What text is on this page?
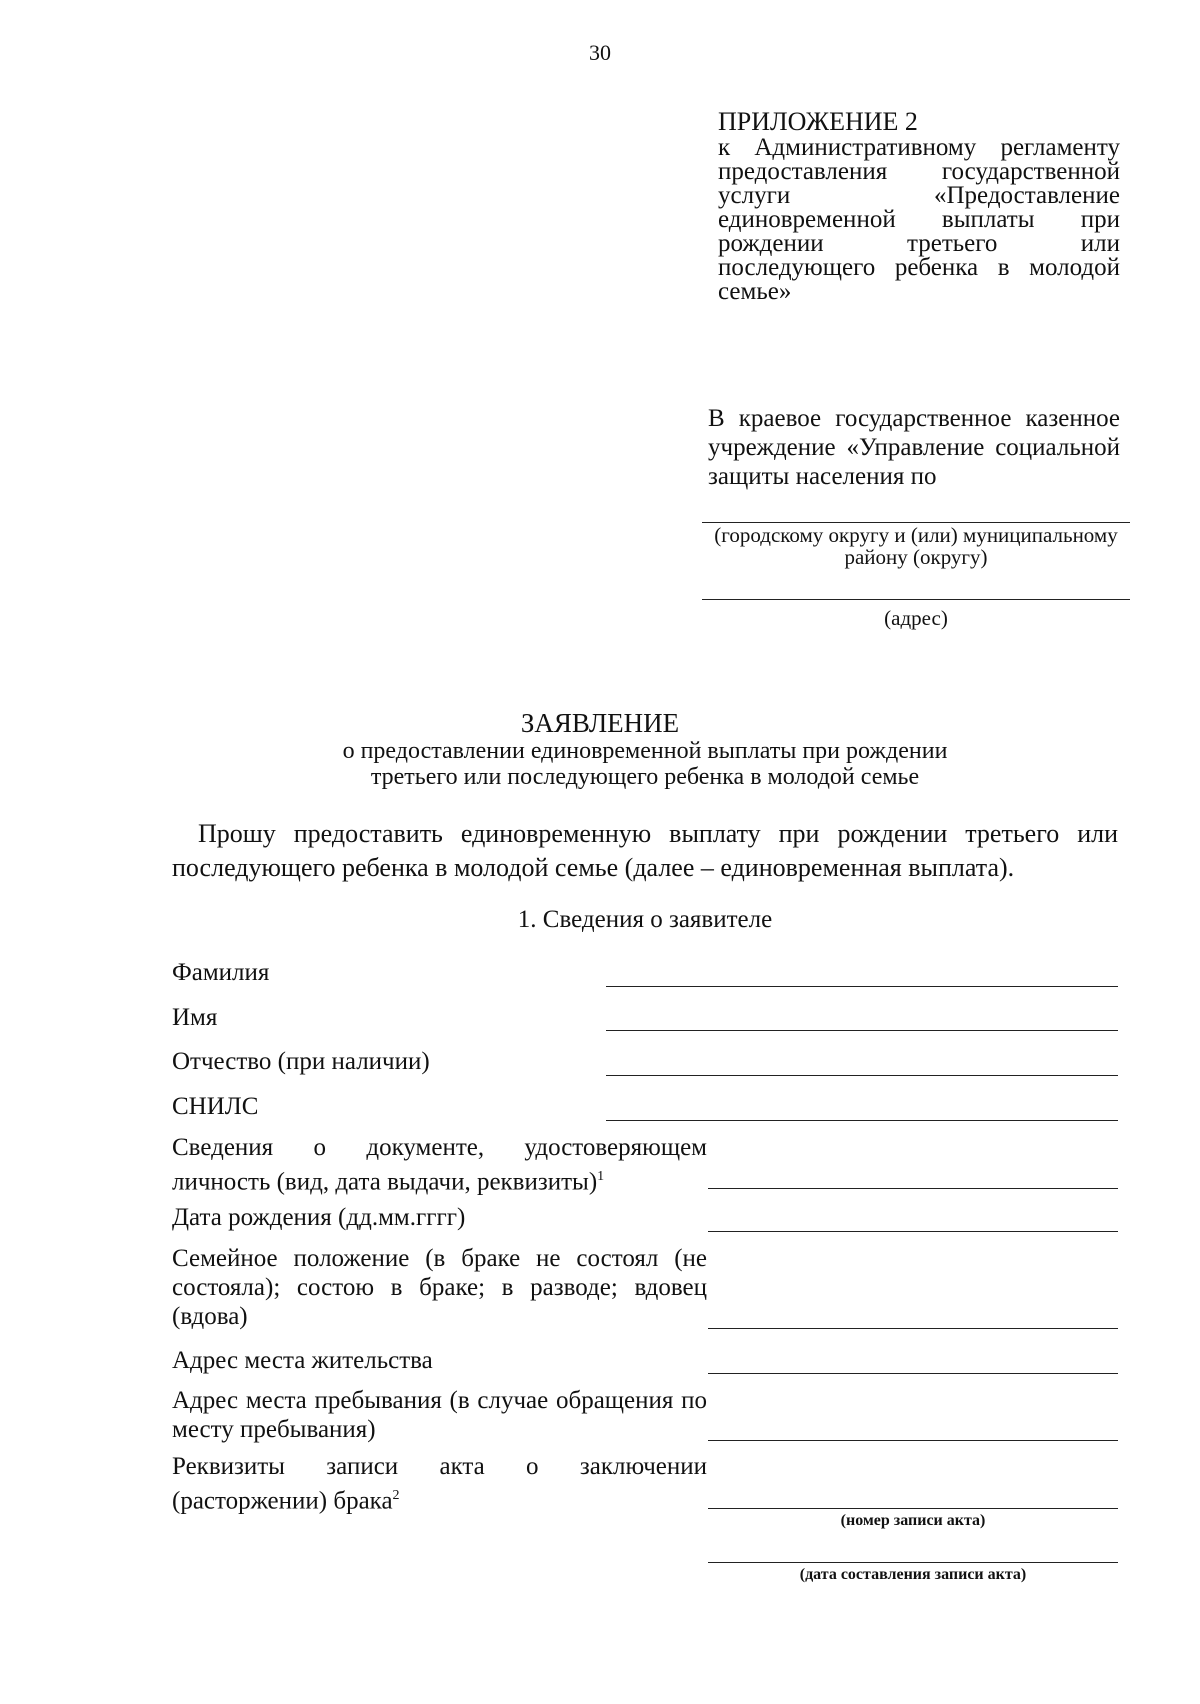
30
ПРИЛОЖЕНИЕ 2
к Административному регламенту предоставления государственной услуги «Предоставление единовременной выплаты при рождении третьего или последующего ребенка в молодой семье»
В краевое государственное казенное учреждение «Управление социальной защиты населения по
(городскому округу и (или) муниципальному району (округу)
(адрес)
ЗАЯВЛЕНИЕ
о предоставлении единовременной выплаты при рождении
третьего или последующего ребенка в молодой семье
Прошу предоставить единовременную выплату при рождении третьего или последующего ребенка в молодой семье (далее – единовременная выплата).
1. Сведения о заявителе
Фамилия
Имя
Отчество (при наличии)
СНИЛС
Сведения о документе, удостоверяющем личность (вид, дата выдачи, реквизиты)$^1$
Дата рождения (дд.мм.гггг)
Семейное положение (в браке не состоял (не состояла); состою в браке; в разводе; вдовец (вдова)
Адрес места жительства
Адрес места пребывания (в случае обращения по месту пребывания)
Реквизиты записи акта о заключении (расторжении) брака$^2$
(номер записи акта)
(дата составления записи акта)
